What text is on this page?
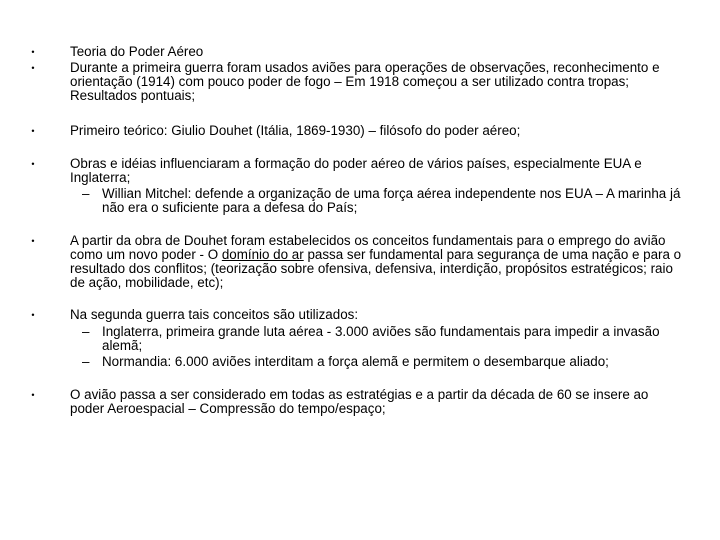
•	Teoria do Poder Aéreo
•	Durante a primeira guerra foram usados aviões para operações de observações, reconhecimento e orientação (1914) com pouco poder de fogo – Em 1918 começou a ser utilizado contra tropas; Resultados pontuais;
•	Primeiro teórico: Giulio Douhet (Itália, 1869-1930) – filósofo do poder aéreo;
•	Obras e idéias influenciaram a formação do poder aéreo de vários países, especialmente EUA e Inglaterra;
– Willian Mitchel: defende a organização de uma força aérea independente nos EUA – A marinha já não era o suficiente para a defesa do País;
•	A partir da obra de Douhet foram estabelecidos os conceitos fundamentais para o emprego do avião como um novo poder - O domínio do ar passa ser fundamental para segurança de uma nação e para o resultado dos conflitos; (teorização sobre ofensiva, defensiva, interdição, propósitos estratégicos; raio de ação, mobilidade, etc);
•	Na segunda guerra tais conceitos são utilizados:
– Inglaterra, primeira grande luta aérea - 3.000 aviões são fundamentais para impedir a invasão alemã;
– Normandia: 6.000 aviões interditam a força alemã e permitem o desembarque aliado;
•	O avião passa a ser considerado em todas as estratégias e a partir da década de 60 se insere ao poder Aeroespacial – Compressão do tempo/espaço;
